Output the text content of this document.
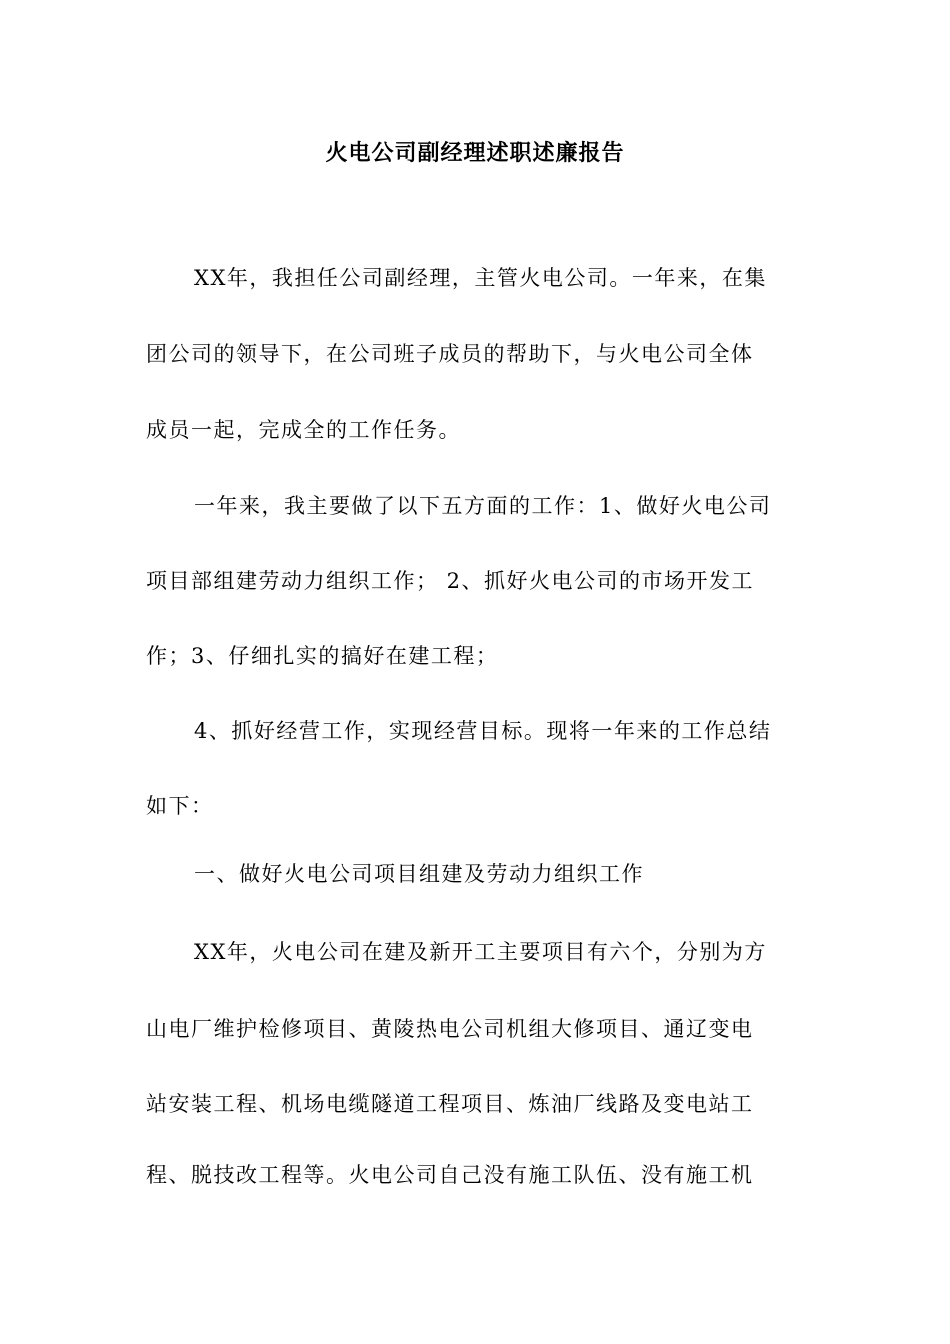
火电公司副经理述职述廉报告
XX年，我担任公司副经理，主管火电公司。一年来，在集
团公司的领导下，在公司班子成员的帮助下，与火电公司全体
成员一起，完成全的工作任务。
一年来，我主要做了以下五方面的工作：1、做好火电公司
项目部组建劳动力组织工作； 2、抓好火电公司的市场开发工
作；3、仔细扎实的搞好在建工程；
4、抓好经营工作，实现经营目标。现将一年来的工作总结
如下：
一、做好火电公司项目组建及劳动力组织工作
XX年，火电公司在建及新开工主要项目有六个，分别为方
山电厂维护检修项目、黄陵热电公司机组大修项目、通辽变电
站安装工程、机场电缆隧道工程项目、炼油厂线路及变电站工
程、脱技改工程等。火电公司自己没有施工队伍、没有施工机
